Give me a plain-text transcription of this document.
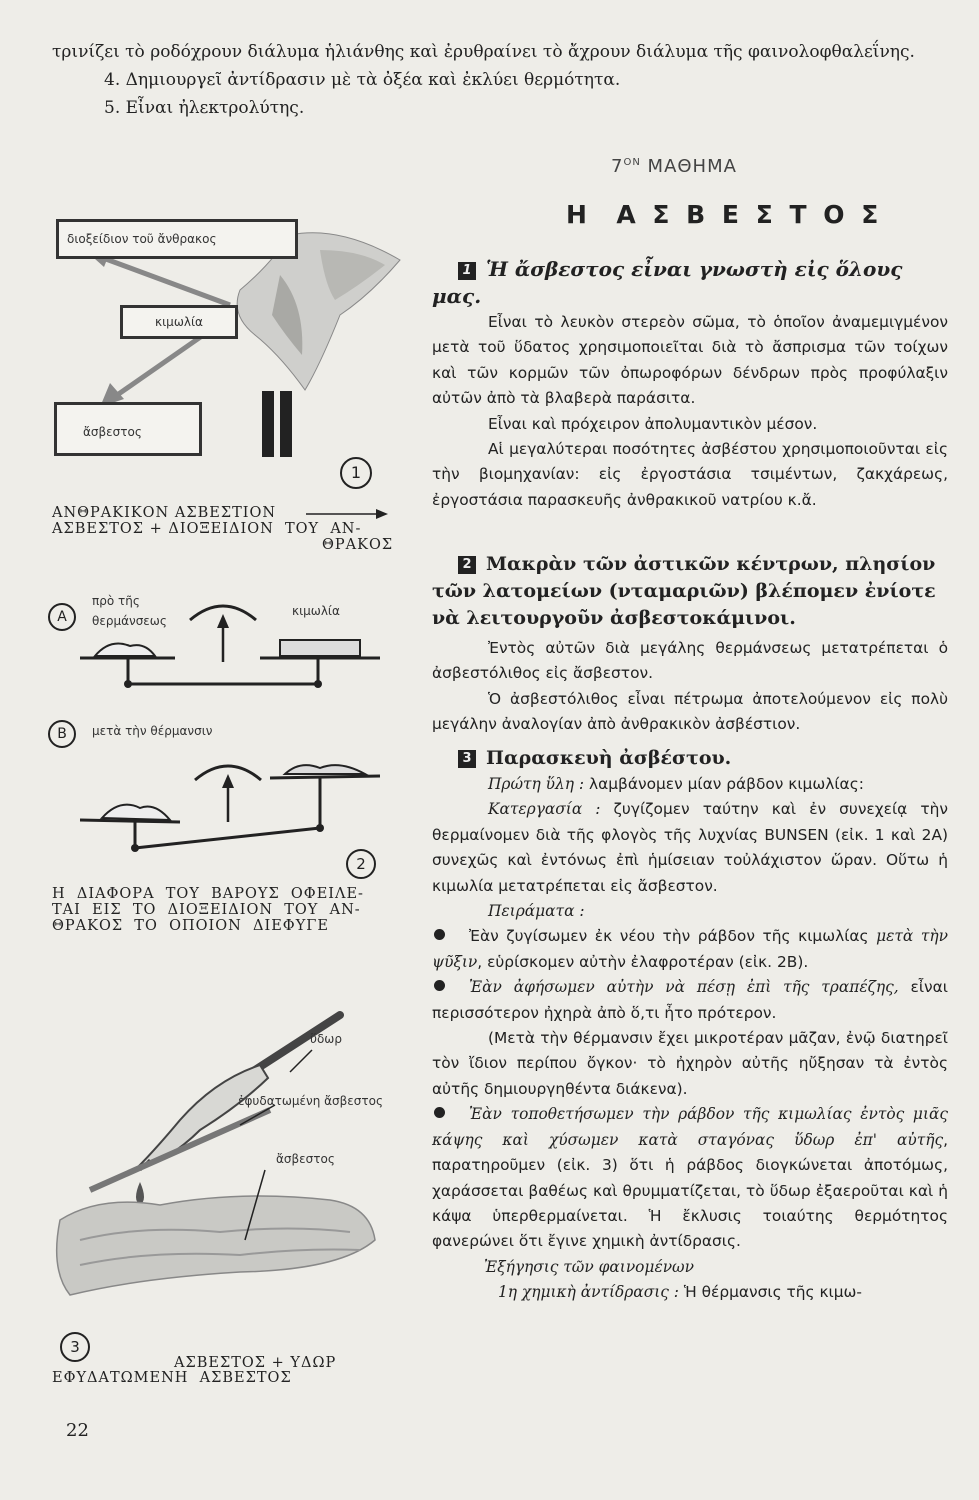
τρινίζει τὸ ροδόχρουν διάλυμα ἡλιάνθης καὶ ἐρυθραίνει τὸ ἄχρουν διάλυμα τῆς φαινολοφθαλεΐνης.
4. Δημιουργεῖ ἀντίδρασιν μὲ τὰ ὀξέα καὶ ἐκλύει θερμότητα.
5. Εἶναι ἠλεκτρολύτης.
$7^{ON}$ ΜΑΘΗΜΑ
Η  Α Σ Β Ε Σ Τ Ο Σ

1 Ἡ ἄσβεστος εἶναι γνωστὴ εἰς ὅλους μας.

Εἶναι τὸ λευκὸν στερεὸν σῶμα, τὸ ὁποῖον ἀναμεμιγμένον μετὰ τοῦ ὕδατος χρησιμοποιεῖται διὰ τὸ ἄσπρισμα τῶν τοίχων καὶ τῶν κορμῶν τῶν ὀπωροφόρων δένδρων πρὸς προφύλαξιν αὐτῶν ἀπὸ τὰ βλαβερὰ παράσιτα.

Εἶναι καὶ πρόχειρον ἀπολυμαντικὸν μέσον.

Αἱ μεγαλύτεραι ποσότητες ἀσβέστου χρησιμοποιοῦνται εἰς τὴν βιομηχανίαν: εἰς ἐργοστάσια τσιμέντων, ζακχάρεως, ἐργοστάσια παρασκευῆς ἀνθρακικοῦ νατρίου κ.ἄ.

2 Μακρὰν τῶν ἀστικῶν κέντρων, πλησίον τῶν λατομείων (νταμαριῶν) βλέπομεν ἐνίοτε νὰ λειτουργοῦν ἀσβεστοκάμινοι.

Ἐντὸς αὐτῶν διὰ μεγάλης θερμάνσεως μετατρέπεται ὁ ἀσβεστόλιθος εἰς ἄσβεστον.

Ὁ ἀσβεστόλιθος εἶναι πέτρωμα ἀποτελούμενον εἰς πολὺ μεγάλην ἀναλογίαν ἀπὸ ἀνθρακικὸν ἀσβέστιον.

3 Παρασκευὴ ἀσβέστου.

Πρώτη ὕλη : λαμβάνομεν μίαν ράβδον κιμωλίας:

Κατεργασία : ζυγίζομεν ταύτην καὶ ἐν συνεχείᾳ τὴν θερμαίνομεν διὰ τῆς φλογὸς τῆς λυχνίας BUNSEN (εἰκ. 1 καὶ 2Α) συνεχῶς καὶ ἐντόνως ἐπὶ ἡμίσειαν τοὐλάχιστον ὥραν. Οὕτω ἡ κιμωλία μετατρέπεται εἰς ἄσβεστον.

Πειράματα :

Ἐὰν ζυγίσωμεν ἐκ νέου τὴν ράβδον τῆς κιμωλίας μετὰ τὴν ψῦξιν, εὑρίσκομεν αὐτὴν ἐλαφροτέραν (εἰκ. 2Β).

Ἐὰν ἀφήσωμεν αὐτὴν νὰ πέσῃ ἐπὶ τῆς τραπέζης, εἶναι περισσότερον ἠχηρὰ ἀπὸ ὅ,τι ἦτο πρότερον.

(Μετὰ τὴν θέρμανσιν ἔχει μικροτέραν μᾶζαν, ἐνῷ διατηρεῖ τὸν ἴδιον περίπου ὄγκον· τὸ ἠχηρὸν αὐτῆς ηὔξησαν τὰ ἐντὸς αὐτῆς δημιουργηθέντα διάκενα).

Ἐὰν τοποθετήσωμεν τὴν ράβδον τῆς κιμωλίας ἐντὸς μιᾶς κάψης καὶ χύσωμεν κατὰ σταγόνας ὕδωρ ἐπ' αὐτῆς, παρατηροῦμεν (εἰκ. 3) ὅτι ἡ ράβδος διογκώνεται ἀποτόμως, χαράσσεται βαθέως καὶ θρυμματίζεται, τὸ ὕδωρ ἐξαεροῦται καὶ ἡ κάψα ὑπερθερμαίνεται. Ἡ ἔκλυσις τοιαύτης θερμότητος φανερώνει ὅτι ἔγινε χημικὴ ἀντίδρασις.

Ἐξήγησις τῶν φαινομένων

1η χημικὴ ἀντίδρασις : Ἡ θέρμανσις τῆς κιμω-

διοξείδιον τοῦ ἄνθρακος
κιμωλία
ἄσβεστος
1
ΑΝΘΡΑΚΙΚΟΝ ΑΣΒΕΣΤΙΟΝ
ΑΣΒΕΣΤΟΣ + ΔΙΟΞΕΙΔΙΟΝ  ΤΟΥ  ΑΝ-
ΘΡΑΚΟΣ
A
πρὸ τῆς
θερμάνσεως
κιμωλία
B	μετὰ τὴν θέρμανσιν
2
Η  ΔΙΑΦΟΡΑ  ΤΟΥ  ΒΑΡΟΥΣ  ΟΦΕΙΛΕ-
ΤΑΙ  ΕΙΣ  ΤΟ  ΔΙΟΞΕΙΔΙΟΝ  ΤΟΥ  ΑΝ-
ΘΡΑΚΟΣ  ΤΟ  ΟΠΟΙΟΝ  ΔΙΕΦΥΓΕ
ὕδωρ
ἐφυδατωμένη ἄσβεστος
ἄσβεστος
3
ΑΣΒΕΣΤΟΣ + ΥΔΩΡ
ΕΦΥΔΑΤΩΜΕΝΗ  ΑΣΒΕΣΤΟΣ
22
